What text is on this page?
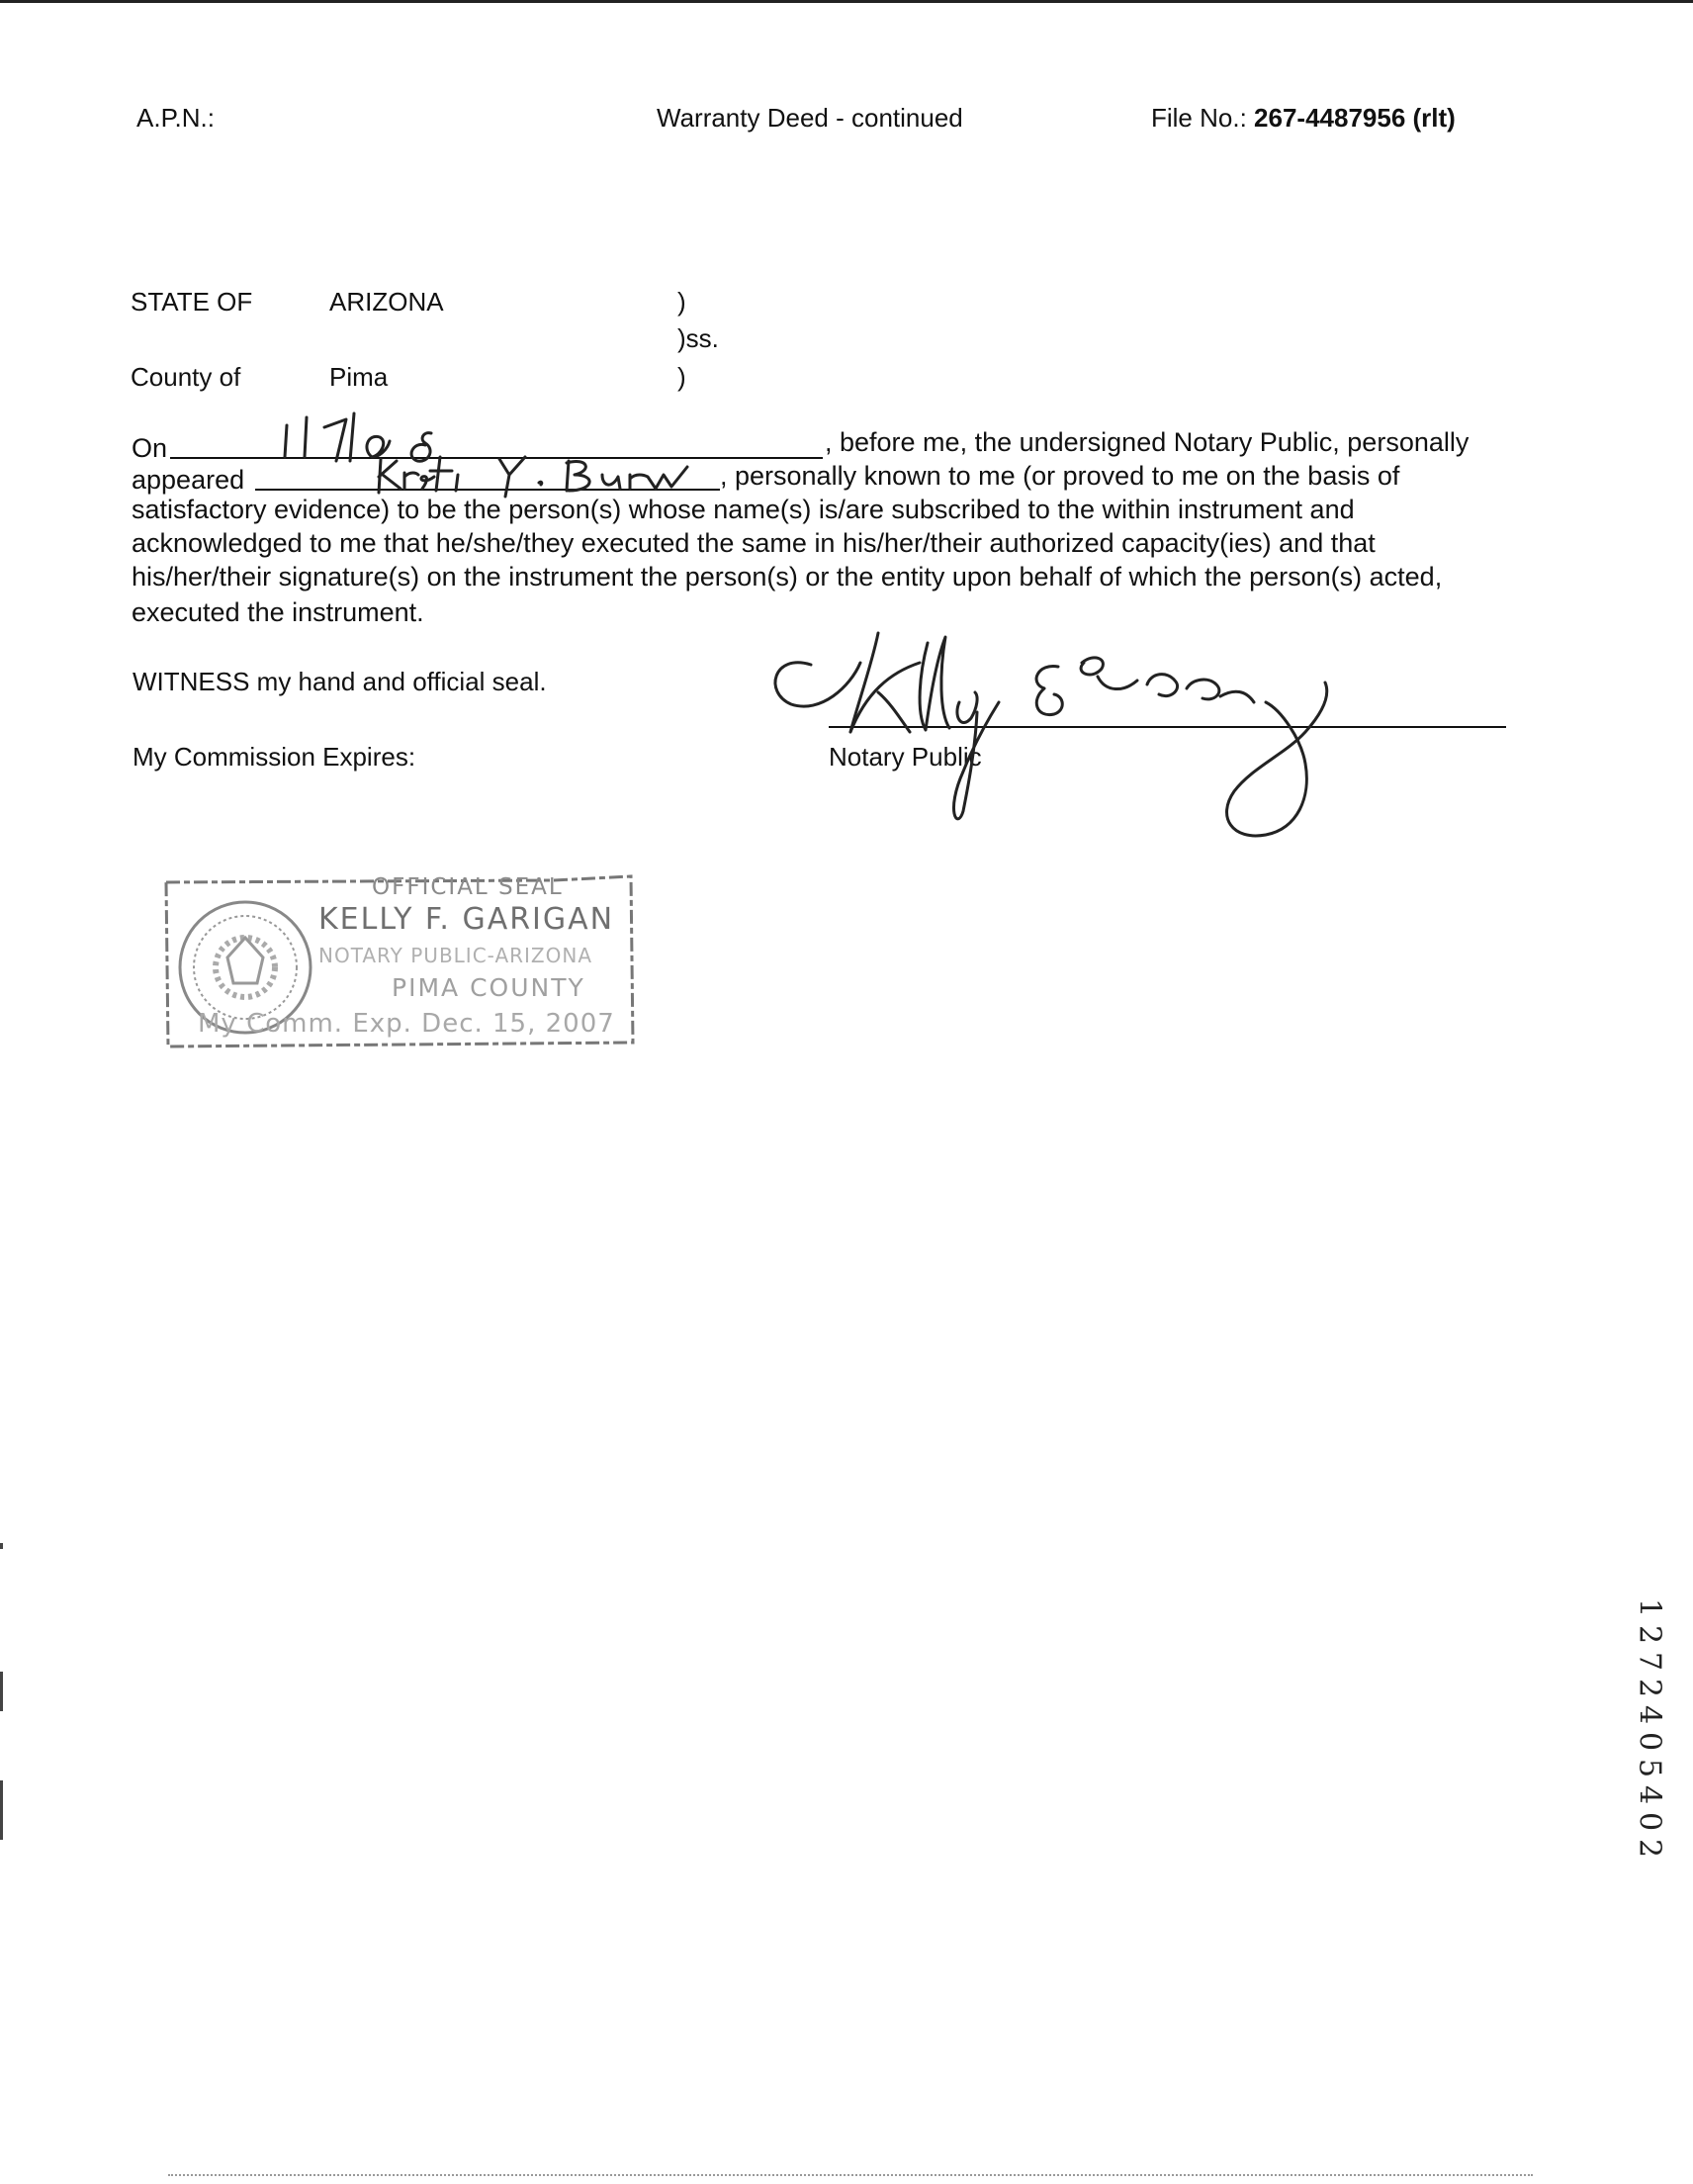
A.P.N.:	Warranty Deed - continued	File No.: 267-4487956 (rlt)
STATE OF	ARIZONA	)
)ss.
County of	Pima	)
On	, before me, the undersigned Notary Public, personally
appeared	, personally known to me (or proved to me on the basis of
satisfactory evidence) to be the person(s) whose name(s) is/are subscribed to the within instrument and
acknowledged to me that he/she/they executed the same in his/her/their authorized capacity(ies) and that
his/her/their signature(s) on the instrument the person(s) or the entity upon behalf of which the person(s) acted,
executed the instrument.
WITNESS my hand and official seal.
My Commission Expires:	Notary Public
OFFICIAL SEAL
KELLY F. GARIGAN
NOTARY PUBLIC-ARIZONA
PIMA COUNTY
My Comm. Exp. Dec. 15, 2007
1
2
7
2
4
0
5
4
0
2
